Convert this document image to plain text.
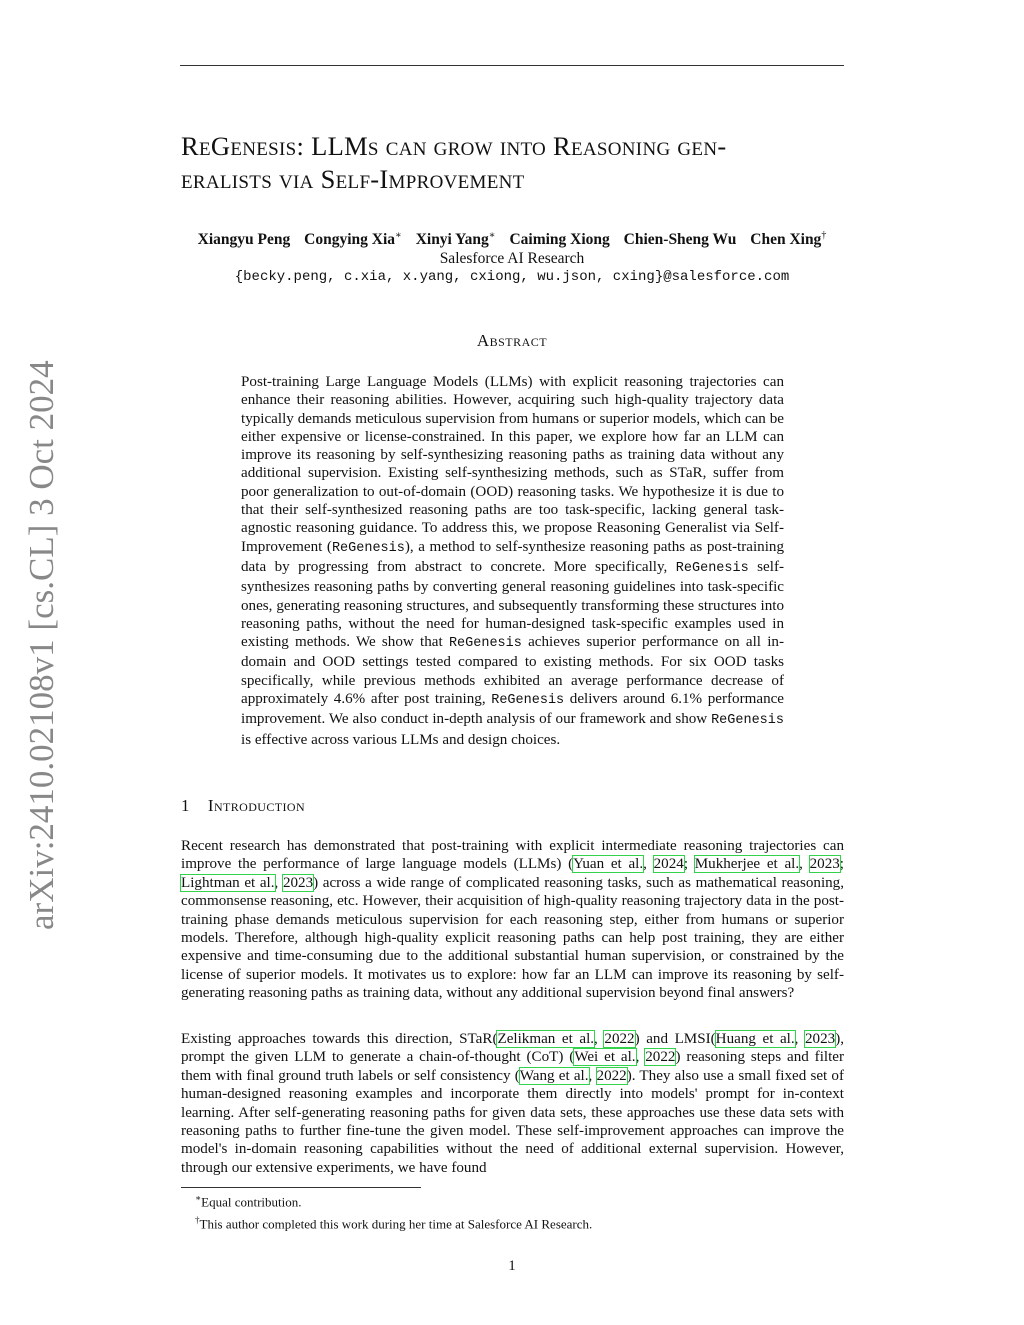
arXiv:2410.02108v1 [cs.CL] 3 Oct 2024
ReGenesis: LLMs can grow into Reasoning gen-
eralists via Self-Improvement
Xiangyu Peng Congying Xia∗ Xinyi Yang∗ Caiming Xiong Chien-Sheng Wu Chen Xing†
Salesforce AI Research
{becky.peng, c.xia, x.yang, cxiong, wu.json, cxing}@salesforce.com
Abstract
Post-training Large Language Models (LLMs) with explicit reasoning trajectories can enhance their reasoning abilities. However, acquiring such high-quality trajectory data typically demands meticulous supervision from humans or superior models, which can be either expensive or license-constrained. In this paper, we explore how far an LLM can improve its reasoning by self-synthesizing reasoning paths as training data without any additional supervision. Existing self-synthesizing methods, such as STaR, suffer from poor generalization to out-of-domain (OOD) reasoning tasks. We hypothesize it is due to that their self-synthesized reasoning paths are too task-specific, lacking general task-agnostic reasoning guidance. To address this, we propose Reasoning Generalist via Self-Improvement (ReGenesis), a method to self-synthesize reasoning paths as post-training data by progressing from abstract to concrete. More specifically, ReGenesis self-synthesizes reasoning paths by converting general reasoning guidelines into task-specific ones, generating reasoning structures, and subsequently transforming these structures into reasoning paths, without the need for human-designed task-specific examples used in existing methods. We show that ReGenesis achieves superior performance on all in-domain and OOD settings tested compared to existing methods. For six OOD tasks specifically, while previous methods exhibited an average performance decrease of approximately 4.6% after post training, ReGenesis delivers around 6.1% performance improvement. We also conduct in-depth analysis of our framework and show ReGenesis is effective across various LLMs and design choices.
1 Introduction
Recent research has demonstrated that post-training with explicit intermediate reasoning trajectories can improve the performance of large language models (LLMs) (Yuan et al., 2024; Mukherjee et al., 2023; Lightman et al., 2023) across a wide range of complicated reasoning tasks, such as mathematical reasoning, commonsense reasoning, etc. However, their acquisition of high-quality reasoning trajectory data in the post-training phase demands meticulous supervision for each reasoning step, either from humans or superior models. Therefore, although high-quality explicit reasoning paths can help post training, they are either expensive and time-consuming due to the additional substantial human supervision, or constrained by the license of superior models. It motivates us to explore: how far an LLM can improve its reasoning by self-generating reasoning paths as training data, without any additional supervision beyond final answers?
Existing approaches towards this direction, STaR(Zelikman et al., 2022) and LMSI(Huang et al., 2023), prompt the given LLM to generate a chain-of-thought (CoT) (Wei et al., 2022) reasoning steps and filter them with final ground truth labels or self consistency (Wang et al., 2022). They also use a small fixed set of human-designed reasoning examples and incorporate them directly into models' prompt for in-context learning. After self-generating reasoning paths for given data sets, these approaches use these data sets with reasoning paths to further fine-tune the given model. These self-improvement approaches can improve the model's in-domain reasoning capabilities without the need of additional external supervision. However, through our extensive experiments, we have found
∗Equal contribution.
†This author completed this work during her time at Salesforce AI Research.
1
